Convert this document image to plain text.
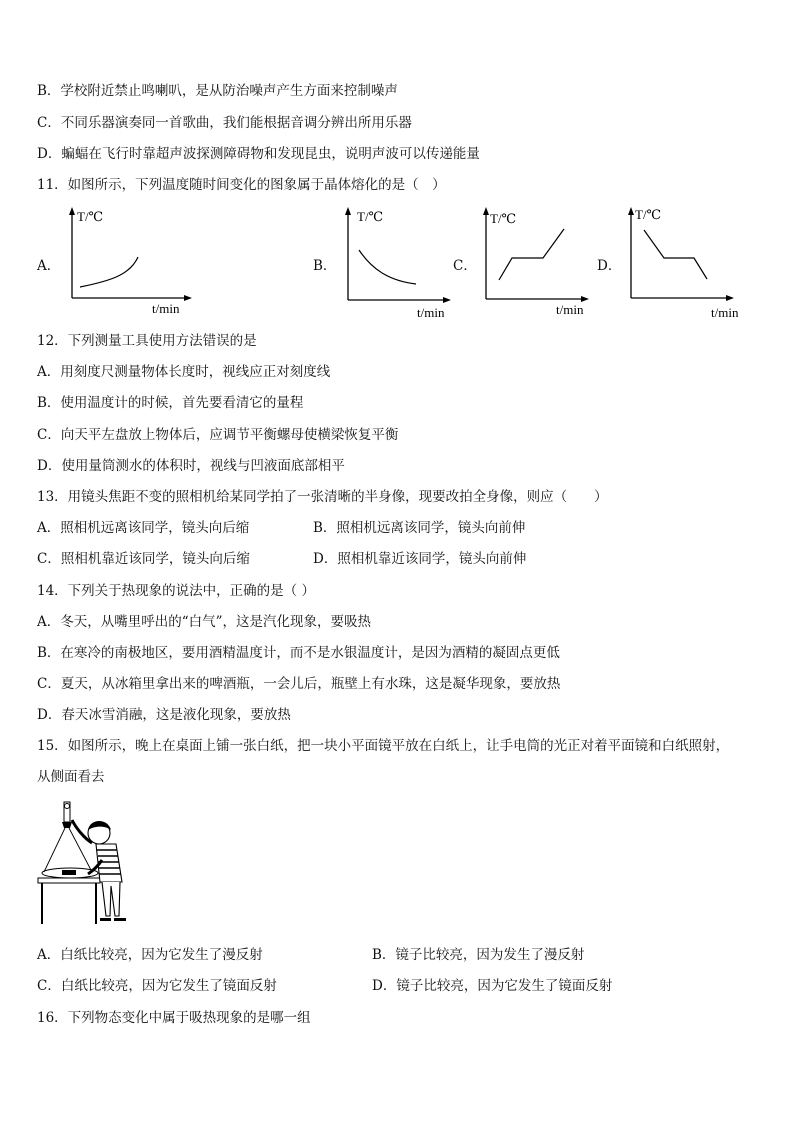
B．学校附近禁止鸣喇叭，是从防治噪声产生方面来控制噪声
C．不同乐器演奏同一首歌曲，我们能根据音调分辨出所用乐器
D．蝙蝠在飞行时靠超声波探测障碍物和发现昆虫，说明声波可以传递能量
11．如图所示，下列温度随时间变化的图象属于晶体熔化的是（　）
A．
T/℃
t/min
B．
T/℃
t/min
C．
T/℃
t/min
D．
T/℃
t/min
12．下列测量工具使用方法错误的是
A．用刻度尺测量物体长度时，视线应正对刻度线
B．使用温度计的时候，首先要看清它的量程
C．向天平左盘放上物体后，应调节平衡螺母使横梁恢复平衡
D．使用量筒测水的体积时，视线与凹液面底部相平
13．用镜头焦距不变的照相机给某同学拍了一张清晰的半身像，现要改拍全身像，则应（　　）
A．照相机远离该同学，镜头向后缩	B．照相机远离该同学，镜头向前伸
C．照相机靠近该同学，镜头向后缩	D．照相机靠近该同学，镜头向前伸
14．下列关于热现象的说法中，正确的是（ ）
A．冬天，从嘴里呼出的“白气”，这是汽化现象，要吸热
B．在寒冷的南极地区，要用酒精温度计，而不是水银温度计，是因为酒精的凝固点更低
C．夏天，从冰箱里拿出来的啤酒瓶，一会儿后，瓶壁上有水珠，这是凝华现象，要放热
D．春天冰雪消融，这是液化现象，要放热
15．如图所示，晚上在桌面上铺一张白纸，把一块小平面镜平放在白纸上，让手电筒的光正对着平面镜和白纸照射，
从侧面看去
A．白纸比较亮，因为它发生了漫反射	B．镜子比较亮，因为发生了漫反射
C．白纸比较亮，因为它发生了镜面反射	D．镜子比较亮，因为它发生了镜面反射
16．下列物态变化中属于吸热现象的是哪一组
